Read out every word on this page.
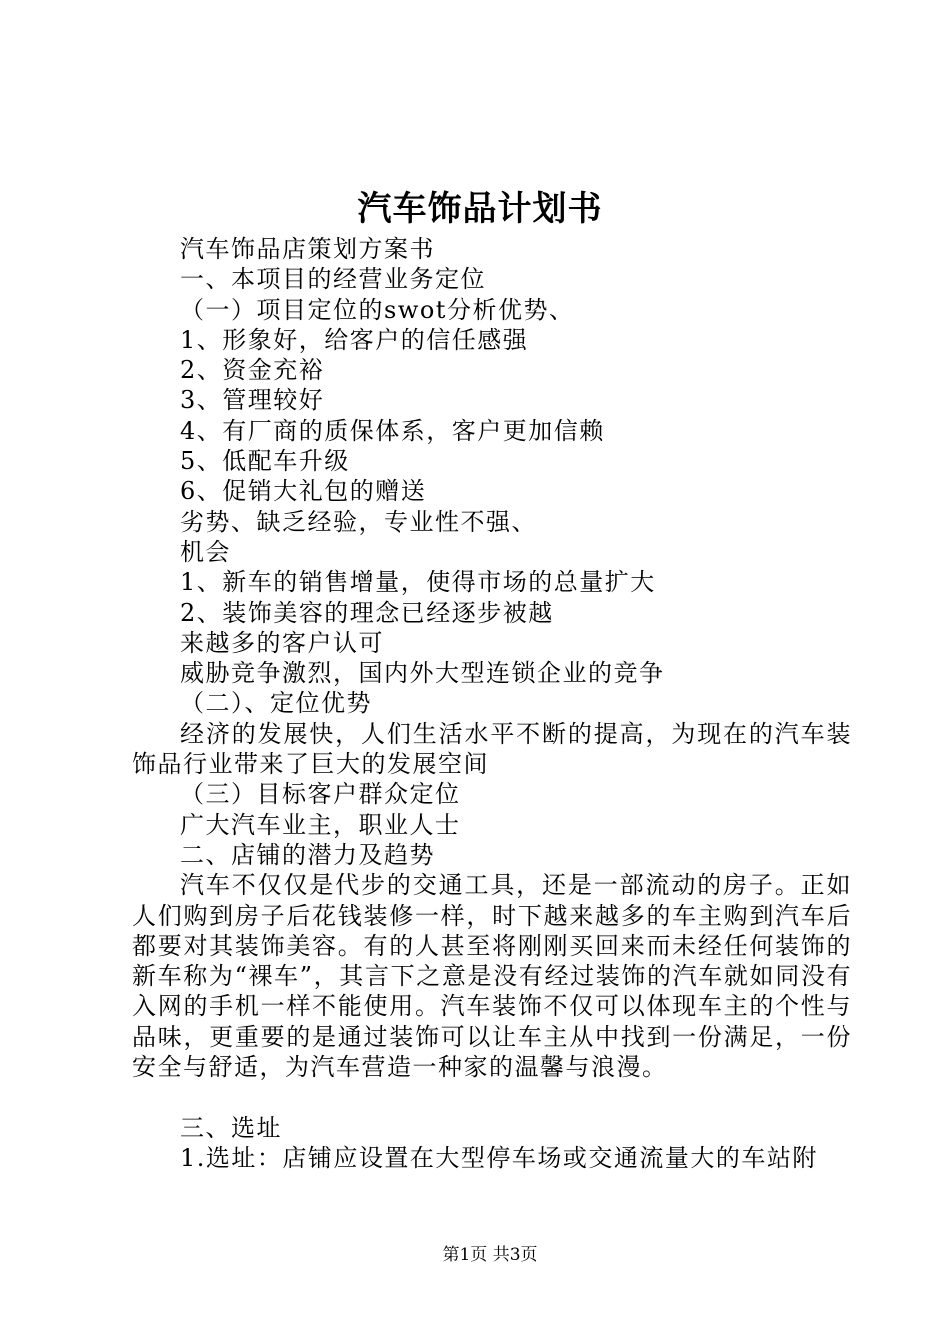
汽车饰品计划书

汽车饰品店策划方案书

一、本项目的经营业务定位

（一）项目定位的swot分析优势、

1、形象好，给客户的信任感强

2、资金充裕

3、管理较好

4、有厂商的质保体系，客户更加信赖

5、低配车升级

6、促销大礼包的赠送

劣势、缺乏经验，专业性不强、

机会

1、新车的销售增量，使得市场的总量扩大

2、装饰美容的理念已经逐步被越

来越多的客户认可

威胁竞争激烈，国内外大型连锁企业的竞争

（二）、定位优势

经济的发展快，人们生活水平不断的提高，为现在的汽车装饰品行业带来了巨大的发展空间

（三）目标客户群众定位

广大汽车业主，职业人士

二、店铺的潜力及趋势

汽车不仅仅是代步的交通工具，还是一部流动的房子。正如人们购到房子后花钱装修一样，时下越来越多的车主购到汽车后都要对其装饰美容。有的人甚至将刚刚买回来而未经任何装饰的新车称为“裸车”，其言下之意是没有经过装饰的汽车就如同没有入网的手机一样不能使用。汽车装饰不仅可以体现车主的个性与品味，更重要的是通过装饰可以让车主从中找到一份满足，一份安全与舒适，为汽车营造一种家的温馨与浪漫。

三、选址

1.选址：店铺应设置在大型停车场或交通流量大的车站附

第1页 共3页
